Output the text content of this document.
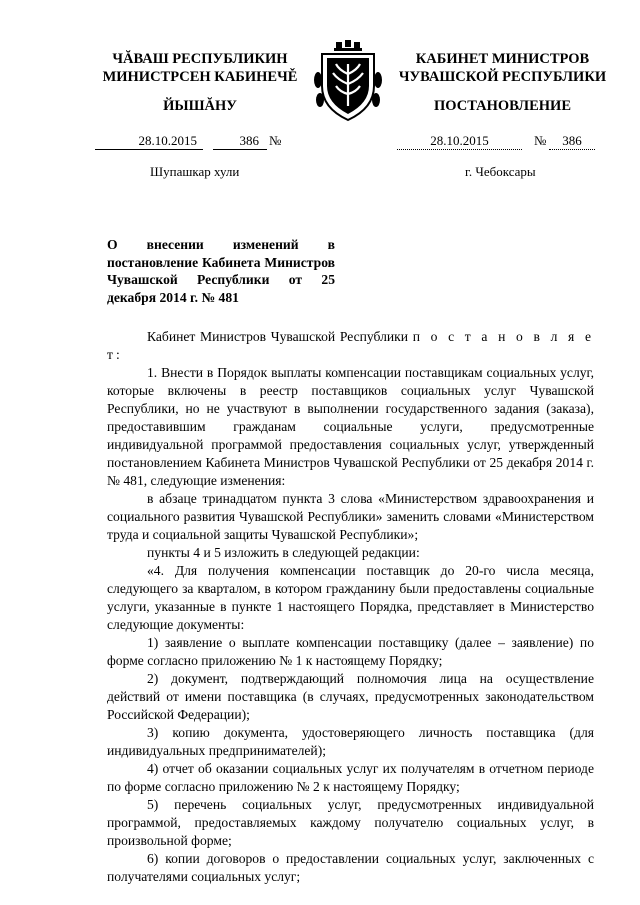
ЧĂВАШ РЕСПУБЛИКИН
МИНИСТРСЕН КАБИНЕЧĚ
ЙЫШĂНУ
КАБИНЕТ МИНИСТРОВ
ЧУВАШСКОЙ РЕСПУБЛИКИ
ПОСТАНОВЛЕНИЕ
28.10.2015	386 №
Шупашкар хули
28.10.2015	№	386
г. Чебоксары
О внесении изменений в постановление Кабинета Министров Чувашской Республики от 25 декабря 2014 г. № 481

Кабинет Министров Чувашской Республики п о с т а н о в л я е т:

1. Внести в Порядок выплаты компенсации поставщикам социальных услуг, которые включены в реестр поставщиков социальных услуг Чувашской Республики, но не участвуют в выполнении государственного задания (заказа), предоставившим гражданам социальные услуги, предусмотренные индивидуальной программой предоставления социальных услуг, утвержденный постановлением Кабинета Министров Чувашской Республики от 25 декабря 2014 г. № 481, следующие изменения:

в абзаце тринадцатом пункта 3 слова «Министерством здравоохранения и социального развития Чувашской Республики» заменить словами «Министерством труда и социальной защиты Чувашской Республики»;

пункты 4 и 5 изложить в следующей редакции:

«4. Для получения компенсации поставщик до 20-го числа месяца, следующего за кварталом, в котором гражданину были предоставлены социальные услуги, указанные в пункте 1 настоящего Порядка, представляет в Министерство следующие документы:

1) заявление о выплате компенсации поставщику (далее – заявление) по форме согласно приложению № 1 к настоящему Порядку;

2) документ, подтверждающий полномочия лица на осуществление действий от имени поставщика (в случаях, предусмотренных законодательством Российской Федерации);

3) копию документа, удостоверяющего личность поставщика (для индивидуальных предпринимателей);

4) отчет об оказании социальных услуг их получателям в отчетном периоде по форме согласно приложению № 2 к настоящему Порядку;

5) перечень социальных услуг, предусмотренных индивидуальной программой, предоставляемых каждому получателю социальных услуг, в произвольной форме;

6) копии договоров о предоставлении социальных услуг, заключенных с получателями социальных услуг;
